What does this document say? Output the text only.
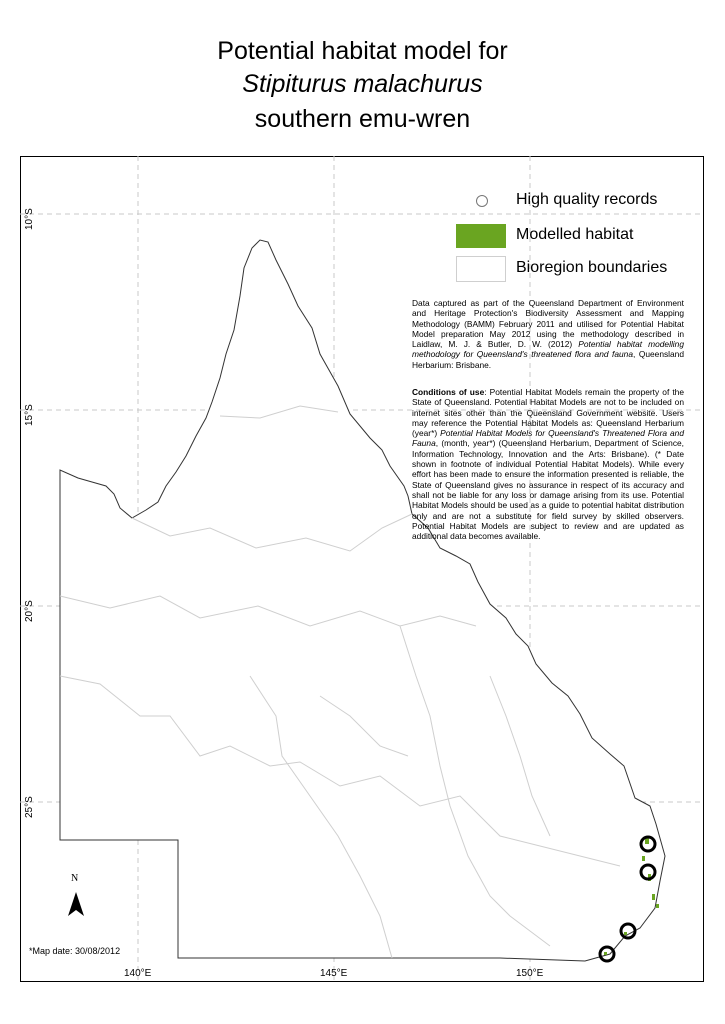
Potential habitat model for
Stipiturus malachurus
southern emu-wren
10°S
15°S
20°S
25°S
140°E	145°E	150°E
High quality records
Modelled habitat
Bioregion boundaries
Data captured as part of the Queensland Department of Environment and Heritage Protection's Biodiversity Assessment and Mapping Methodology (BAMM) February 2011 and utilised for Potential Habitat Model preparation May 2012 using the methodology described in Laidlaw, M. J. & Butler, D. W. (2012) Potential habitat modelling methodology for Queensland's threatened flora and fauna, Queensland Herbarium: Brisbane.
Conditions of use: Potential Habitat Models remain the property of the State of Queensland. Potential Habitat Models are not to be included on internet sites other than the Queensland Government website. Users may reference the Potential Habitat Models as: Queensland Herbarium (year*) Potential Habitat Models for Queensland's Threatened Flora and Fauna, (month, year*) (Queensland Herbarium, Department of Science, Information Technology, Innovation and the Arts: Brisbane). (* Date shown in footnote of individual Potential Habitat Models). While every effort has been made to ensure the information presented is reliable, the State of Queensland gives no assurance in respect of its accuracy and shall not be liable for any loss or damage arising from its use. Potential Habitat Models should be used as a guide to potential habitat distribution only and are not a substitute for field survey by skilled observers. Potential Habitat Models are subject to review and are updated as additional data becomes available.
N
*Map date: 30/08/2012
